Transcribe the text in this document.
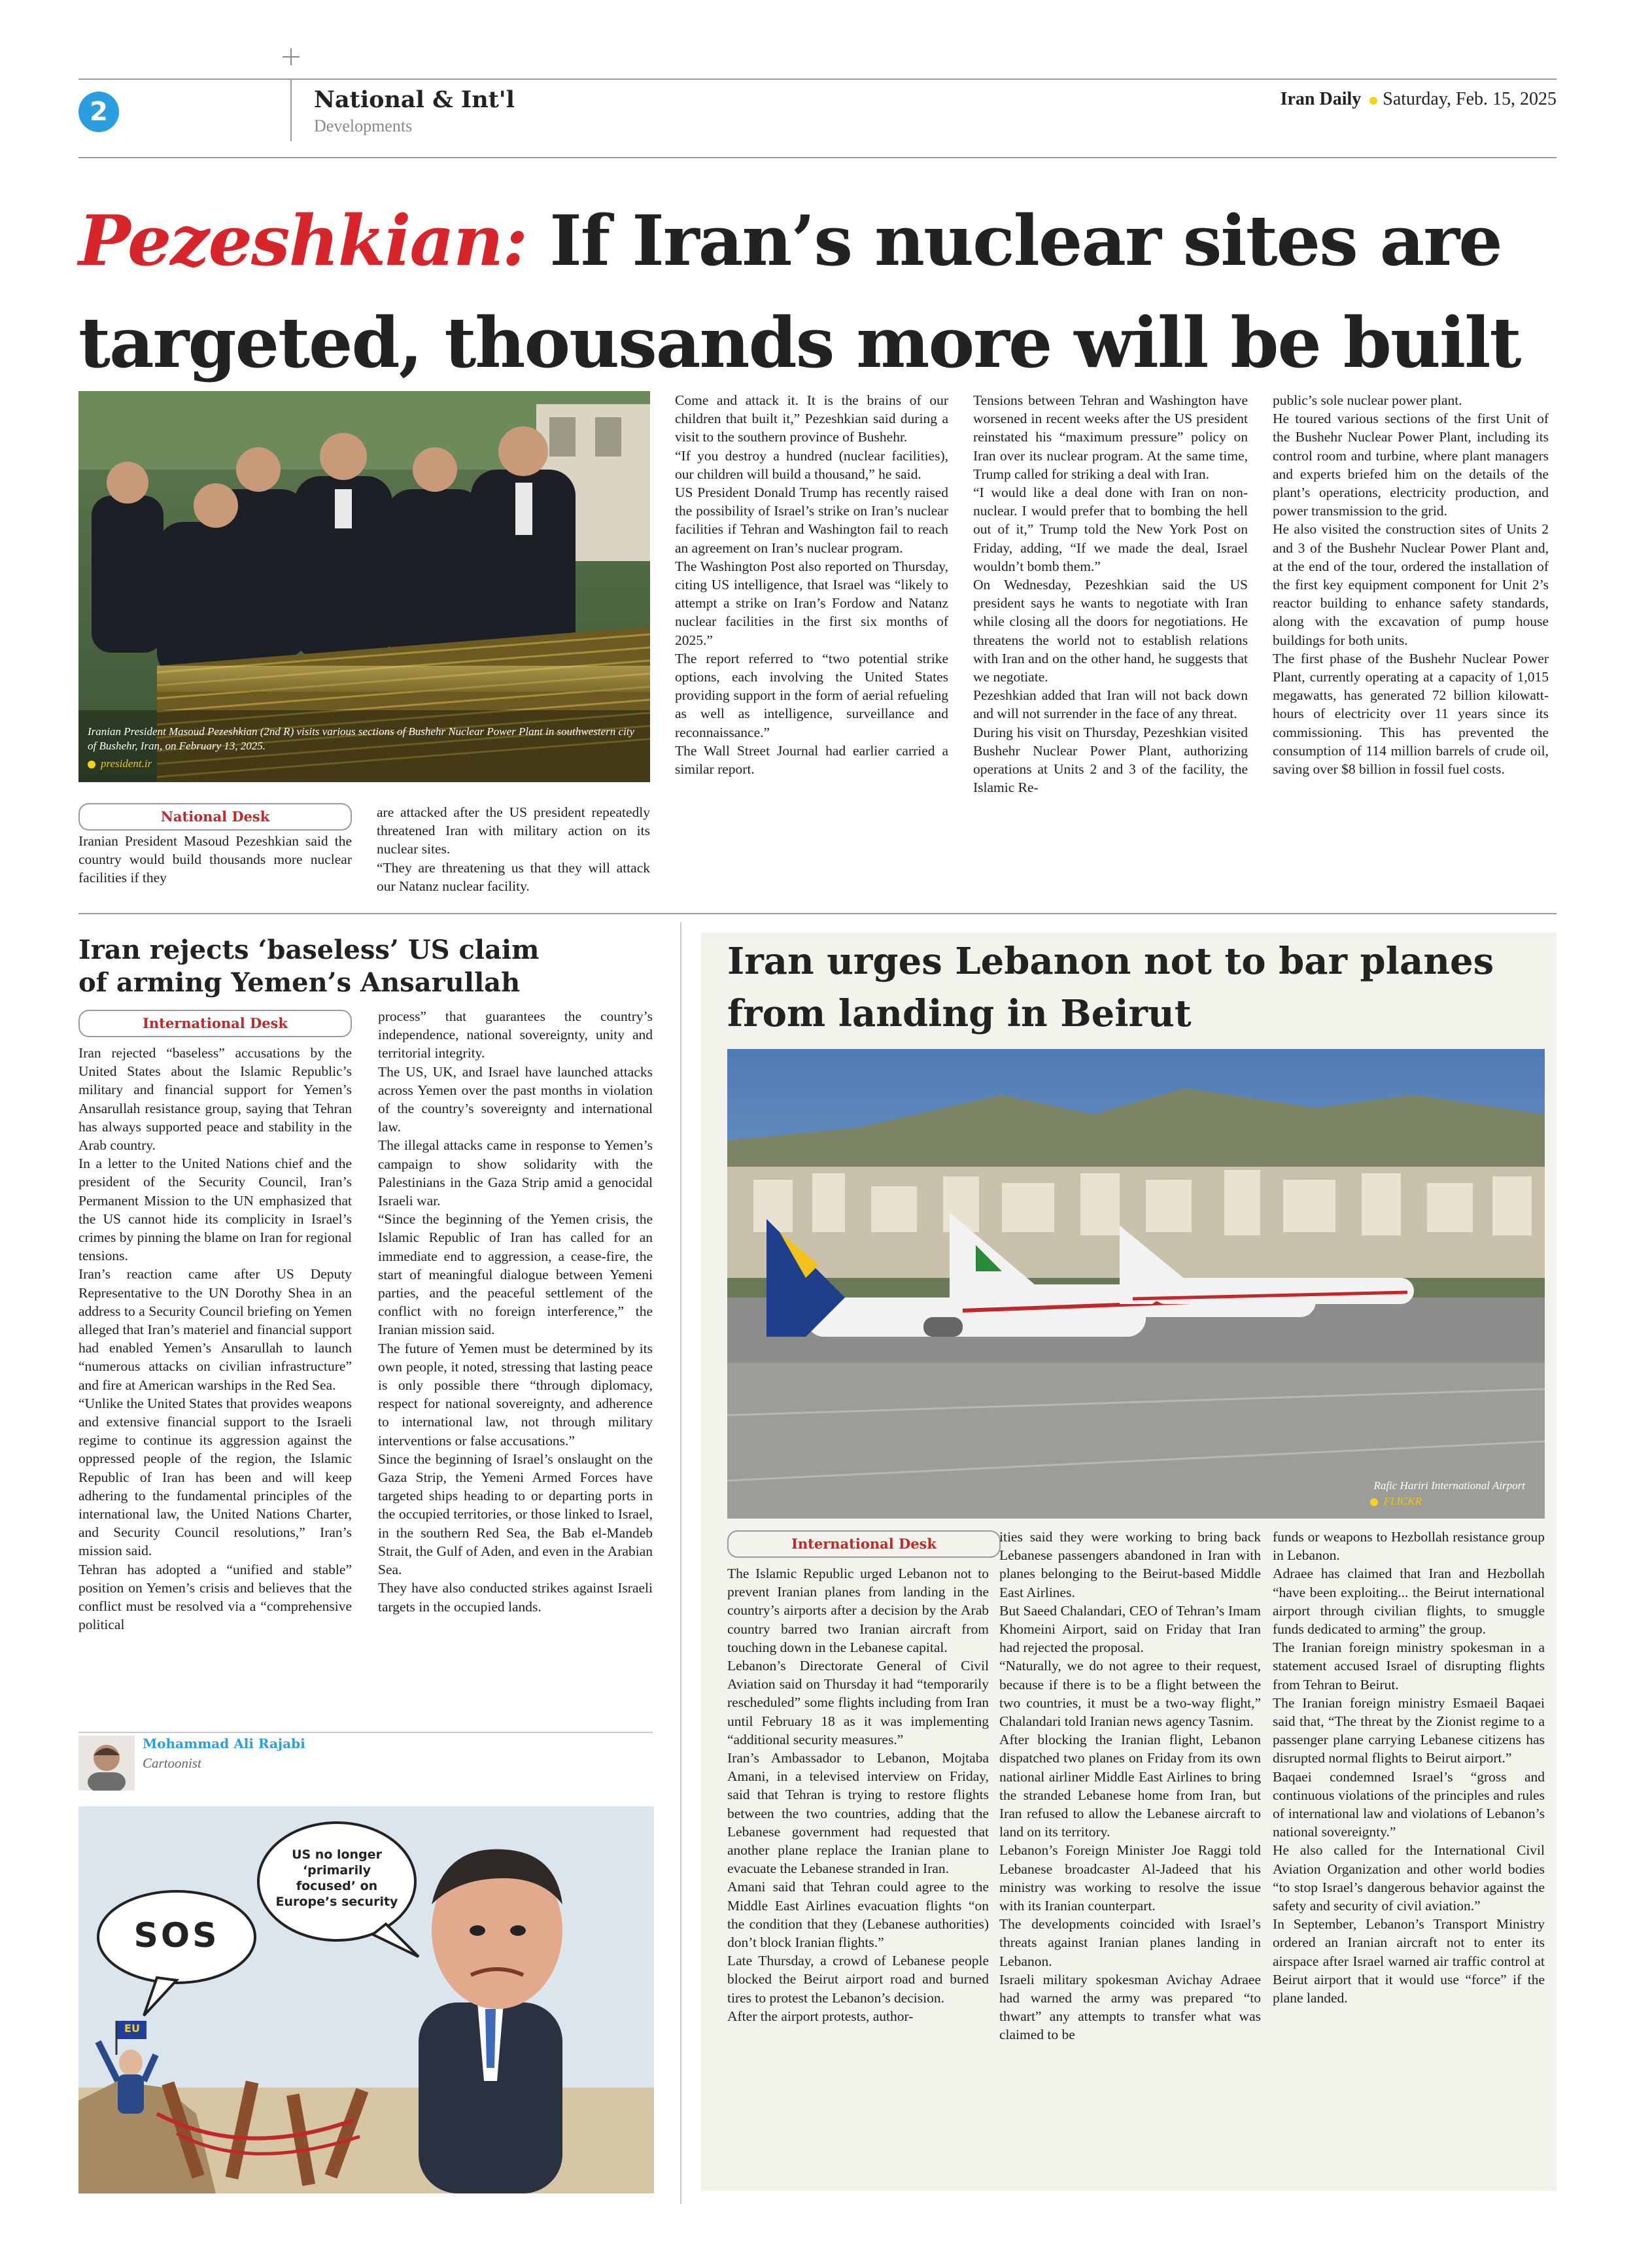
2	National & Int'l
Developments
Iran Daily Saturday, Feb. 15, 2025
Pezeshkian: If Iran’s nuclear sites are
targeted, thousands more will be built
Iranian President Masoud Pezeshkian (2nd R) visits various sections of Bushehr Nuclear Power Plant in southwestern city of Bushehr, Iran, on February 13, 2025.
president.ir
National Desk

Iranian President Masoud Pezeshkian said the country would build thousands more nuclear facilities if they

are attacked after the US president repeatedly threatened Iran with military action on its nuclear sites.

“They are threatening us that they will attack our Natanz nuclear facility.

Come and attack it. It is the brains of our children that built it,” Pezeshkian said during a visit to the southern province of Bushehr.

“If you destroy a hundred (nuclear facilities), our children will build a thousand,” he said.

US President Donald Trump has recently raised the possibility of Israel’s strike on Iran’s nuclear facilities if Tehran and Washington fail to reach an agreement on Iran’s nuclear program.

The Washington Post also reported on Thursday, citing US intelligence, that Israel was “likely to attempt a strike on Iran’s Fordow and Natanz nuclear facilities in the first six months of 2025.”

The report referred to “two potential strike options, each involving the United States providing support in the form of aerial refueling as well as intelligence, surveillance and reconnaissance.”

The Wall Street Journal had earlier carried a similar report.

Tensions between Tehran and Washington have worsened in recent weeks after the US president reinstated his “maximum pressure” policy on Iran over its nuclear program. At the same time, Trump called for striking a deal with Iran.

“I would like a deal done with Iran on non-nuclear. I would prefer that to bombing the hell out of it,” Trump told the New York Post on Friday, adding, “If we made the deal, Israel wouldn’t bomb them.”

On Wednesday, Pezeshkian said the US president says he wants to negotiate with Iran while closing all the doors for negotiations. He threatens the world not to establish relations with Iran and on the other hand, he suggests that we negotiate.

Pezeshkian added that Iran will not back down and will not surrender in the face of any threat.

During his visit on Thursday, Pezeshkian visited Bushehr Nuclear Power Plant, authorizing operations at Units 2 and 3 of the facility, the Islamic Re-

public’s sole nuclear power plant.

He toured various sections of the first Unit of the Bushehr Nuclear Power Plant, including its control room and turbine, where plant managers and experts briefed him on the details of the plant’s operations, electricity production, and power transmission to the grid.

He also visited the construction sites of Units 2 and 3 of the Bushehr Nuclear Power Plant and, at the end of the tour, ordered the installation of the first key equipment component for Unit 2’s reactor building to enhance safety standards, along with the excavation of pump house buildings for both units.

The first phase of the Bushehr Nuclear Power Plant, currently operating at a capacity of 1,015 megawatts, has generated 72 billion kilowatt-hours of electricity over 11 years since its commissioning. This has prevented the consumption of 114 million barrels of crude oil, saving over $8 billion in fossil fuel costs.

Iran rejects ‘baseless’ US claim of arming Yemen’s Ansarullah
International Desk

Iran rejected “baseless” accusations by the United States about the Islamic Republic’s military and financial support for Yemen’s Ansarullah resistance group, saying that Tehran has always supported peace and stability in the Arab country.

In a letter to the United Nations chief and the president of the Security Council, Iran’s Permanent Mission to the UN emphasized that the US cannot hide its complicity in Israel’s crimes by pinning the blame on Iran for regional tensions.

Iran’s reaction came after US Deputy Representative to the UN Dorothy Shea in an address to a Security Council briefing on Yemen alleged that Iran’s materiel and financial support had enabled Yemen’s Ansarullah to launch “numerous attacks on civilian infrastructure” and fire at American warships in the Red Sea.

“Unlike the United States that provides weapons and extensive financial support to the Israeli regime to continue its aggression against the oppressed people of the region, the Islamic Republic of Iran has been and will keep adhering to the fundamental principles of the international law, the United Nations Charter, and Security Council resolutions,” Iran’s mission said.

Tehran has adopted a “unified and stable” position on Yemen’s crisis and believes that the conflict must be resolved via a “comprehensive political

process” that guarantees the country’s independence, national sovereignty, unity and territorial integrity.

The US, UK, and Israel have launched attacks across Yemen over the past months in violation of the country’s sovereignty and international law.

The illegal attacks came in response to Yemen’s campaign to show solidarity with the Palestinians in the Gaza Strip amid a genocidal Israeli war.

“Since the beginning of the Yemen crisis, the Islamic Republic of Iran has called for an immediate end to aggression, a cease-fire, the start of meaningful dialogue between Yemeni parties, and the peaceful settlement of the conflict with no foreign interference,” the Iranian mission said.

The future of Yemen must be determined by its own people, it noted, stressing that lasting peace is only possible there “through diplomacy, respect for national sovereignty, and adherence to international law, not through military interventions or false accusations.”

Since the beginning of Israel’s onslaught on the Gaza Strip, the Yemeni Armed Forces have targeted ships heading to or departing ports in the occupied territories, or those linked to Israel, in the southern Red Sea, the Bab el-Mandeb Strait, the Gulf of Aden, and even in the Arabian Sea.

They have also conducted strikes against Israeli targets in the occupied lands.

Mohammad Ali Rajabi
Cartoonist
SOS
US no longer ‘primarily focused’ on Europe’s security
EU
Iran urges Lebanon not to bar planes
from landing in Beirut
Rafic Hariri International Airport
FLICKR
International Desk

The Islamic Republic urged Lebanon not to prevent Iranian planes from landing in the country’s airports after a decision by the Arab country barred two Iranian aircraft from touching down in the Lebanese capital.

Lebanon’s Directorate General of Civil Aviation said on Thursday it had “temporarily rescheduled” some flights including from Iran until February 18 as it was implementing “additional security measures.”

Iran’s Ambassador to Lebanon, Mojtaba Amani, in a televised interview on Friday, said that Tehran is trying to restore flights between the two countries, adding that the Lebanese government had requested that another plane replace the Iranian plane to evacuate the Lebanese stranded in Iran.

Amani said that Tehran could agree to the Middle East Airlines evacuation flights “on the condition that they (Lebanese authorities) don’t block Iranian flights.”

Late Thursday, a crowd of Lebanese people blocked the Beirut airport road and burned tires to protest the Lebanon’s decision.

After the airport protests, author-

ities said they were working to bring back Lebanese passengers abandoned in Iran with planes belonging to the Beirut-based Middle East Airlines.

But Saeed Chalandari, CEO of Tehran’s Imam Khomeini Airport, said on Friday that Iran had rejected the proposal.

“Naturally, we do not agree to their request, because if there is to be a flight between the two countries, it must be a two-way flight,” Chalandari told Iranian news agency Tasnim.

After blocking the Iranian flight, Lebanon dispatched two planes on Friday from its own national airliner Middle East Airlines to bring the stranded Lebanese home from Iran, but Iran refused to allow the Lebanese aircraft to land on its territory.

Lebanon’s Foreign Minister Joe Raggi told Lebanese broadcaster Al-Jadeed that his ministry was working to resolve the issue with its Iranian counterpart.

The developments coincided with Israel’s threats against Iranian planes landing in Lebanon.

Israeli military spokesman Avichay Adraee had warned the army was prepared “to thwart” any attempts to transfer what was claimed to be

funds or weapons to Hezbollah resistance group in Lebanon.

Adraee has claimed that Iran and Hezbollah “have been exploiting... the Beirut international airport through civilian flights, to smuggle funds dedicated to arming” the group.

The Iranian foreign ministry spokesman in a statement accused Israel of disrupting flights from Tehran to Beirut.

The Iranian foreign ministry Esmaeil Baqaei said that, “The threat by the Zionist regime to a passenger plane carrying Lebanese citizens has disrupted normal flights to Beirut airport.”

Baqaei condemned Israel’s “gross and continuous violations of the principles and rules of international law and violations of Lebanon’s national sovereignty.”

He also called for the International Civil Aviation Organization and other world bodies “to stop Israel’s dangerous behavior against the safety and security of civil aviation.”

In September, Lebanon’s Transport Ministry ordered an Iranian aircraft not to enter its airspace after Israel warned air traffic control at Beirut airport that it would use “force” if the plane landed.
